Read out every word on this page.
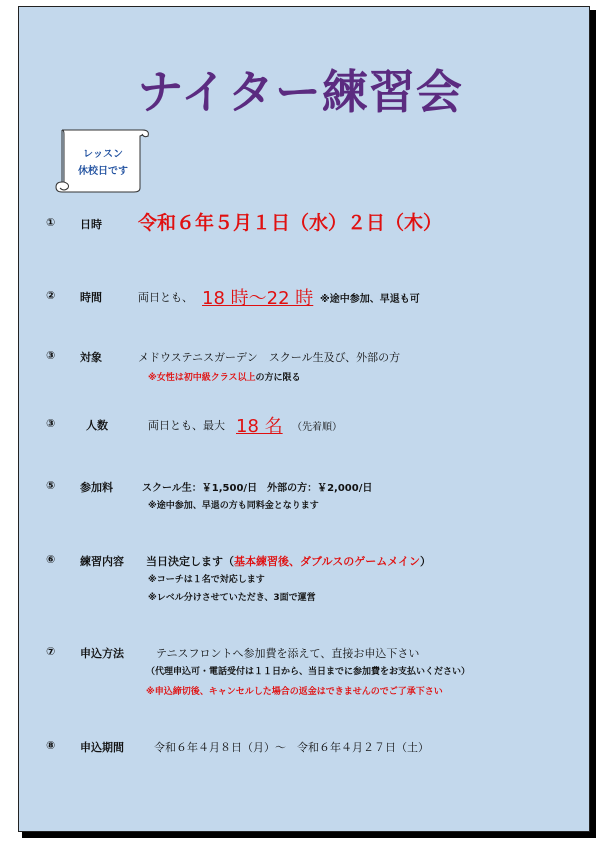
ナイター練習会
レッスン
休校日です
① 日時 令和６年５月１日（水）２日（木）
② 時間	両日とも、 18 時〜22 時 ※途中参加、早退も可
③ 対象	メドウステニスガーデン　スクール生及び、外部の方
※女性は初中級クラス以上の方に限る
③	人数	両日とも、最大 18 名 （先着順）
⑤ 参加料	スクール生：￥1,500/日　外部の方：￥2,000/日
※途中参加、早退の方も同料金となります
⑥ 練習内容 当日決定します（基本練習後、ダブルスのゲームメイン）
※コーチは１名で対応します
※レベル分けさせていただき、3面で運営
⑦ 申込方法	テニスフロントへ参加費を添えて、直接お申込下さい
（代理申込可・電話受付は１１日から、当日までに参加費をお支払いください）
※申込締切後、キャンセルした場合の返金はできませんのでご了承下さい
⑧ 申込期間	令和６年４月８日（月）〜　令和６年４月２７日（土）
